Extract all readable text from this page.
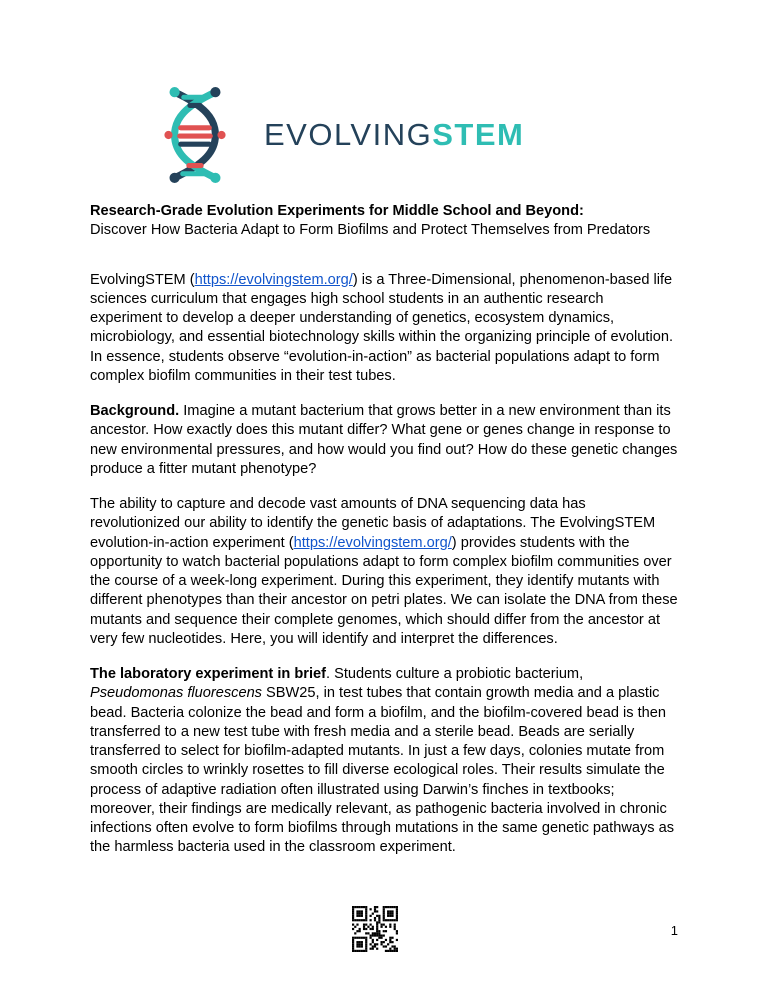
EVOLVINGSTEM

Research-Grade Evolution Experiments for Middle School and Beyond:
Discover How Bacteria Adapt to Form Biofilms and Protect Themselves from Predators

EvolvingSTEM (https://evolvingstem.org/) is a Three-Dimensional, phenomenon-based life sciences curriculum that engages high school students in an authentic research experiment to develop a deeper understanding of genetics, ecosystem dynamics, microbiology, and essential biotechnology skills within the organizing principle of evolution. In essence, students observe “evolution-in-action” as bacterial populations adapt to form complex biofilm communities in their test tubes.

Background. Imagine a mutant bacterium that grows better in a new environment than its ancestor. How exactly does this mutant differ? What gene or genes change in response to new environmental pressures, and how would you find out? How do these genetic changes produce a fitter mutant phenotype?

The ability to capture and decode vast amounts of DNA sequencing data has revolutionized our ability to identify the genetic basis of adaptations. The EvolvingSTEM evolution-in-action experiment (https://evolvingstem.org/) provides students with the opportunity to watch bacterial populations adapt to form complex biofilm communities over the course of a week-long experiment. During this experiment, they identify mutants with different phenotypes than their ancestor on petri plates. We can isolate the DNA from these mutants and sequence their complete genomes, which should differ from the ancestor at very few nucleotides. Here, you will identify and interpret the differences.

The laboratory experiment in brief. Students culture a probiotic bacterium, Pseudomonas fluorescens SBW25, in test tubes that contain growth media and a plastic bead. Bacteria colonize the bead and form a biofilm, and the biofilm-covered bead is then transferred to a new test tube with fresh media and a sterile bead. Beads are serially transferred to select for biofilm-adapted mutants. In just a few days, colonies mutate from smooth circles to wrinkly rosettes to fill diverse ecological roles. Their results simulate the process of adaptive radiation often illustrated using Darwin’s finches in textbooks; moreover, their findings are medically relevant, as pathogenic bacteria involved in chronic infections often evolve to form biofilms through mutations in the same genetic pathways as the harmless bacteria used in the classroom experiment.

1
